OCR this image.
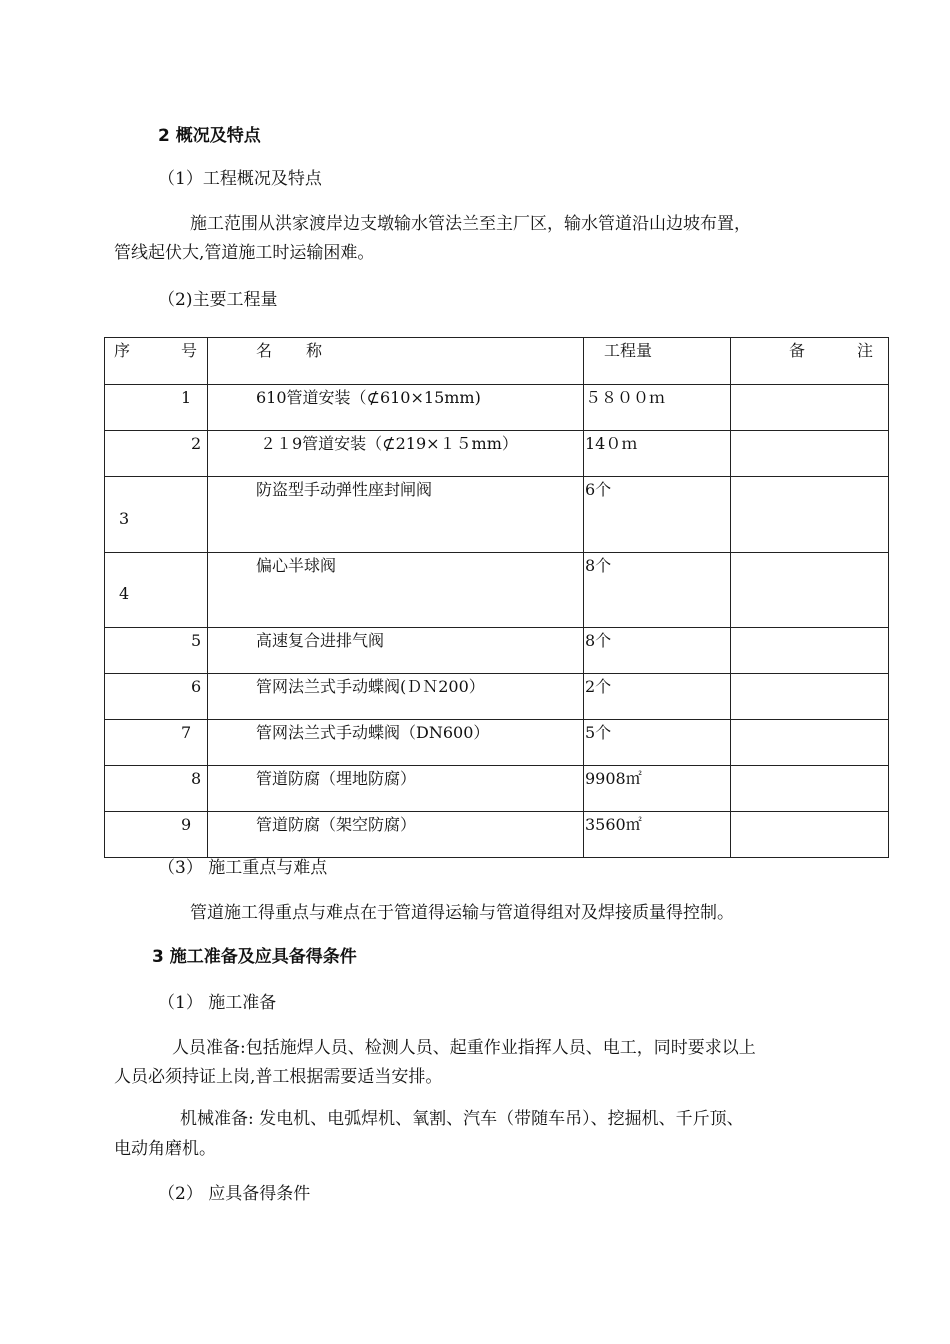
2 概况及特点
（1）工程概况及特点
施工范围从洪家渡岸边支墩输水管法兰至主厂区，输水管道沿山边坡布置，
管线起伏大,管道施工时运输困难。
（2)主要工程量
序 号	名 称	工程量	备 注

1	610管道安装（⊄610×15mm)	５８００ｍ	

2	２１9管道安装（⊄219×１５mm）	14０ｍ	

3	防盗型手动弹性座封闸阀	6个	

4	偏心半球阀	8个	

5	高速复合进排气阀	8个	

6	管网法兰式手动蝶阀(ＤＮ200）	2个	

7	管网法兰式手动蝶阀（DN600）	5个	

8	管道防腐（埋地防腐）	9908㎡	

9	管道防腐（架空防腐）	3560㎡	

（3） 施工重点与难点
管道施工得重点与难点在于管道得运输与管道得组对及焊接质量得控制。
3 施工准备及应具备得条件
（1） 施工准备
人员准备:包括施焊人员、检测人员、起重作业指挥人员、电工，同时要求以上
人员必须持证上岗,普工根据需要适当安排。
机械准备: 发电机、电弧焊机、氧割、汽车（带随车吊）、挖掘机、千斤顶、
电动角磨机。
（2） 应具备得条件
